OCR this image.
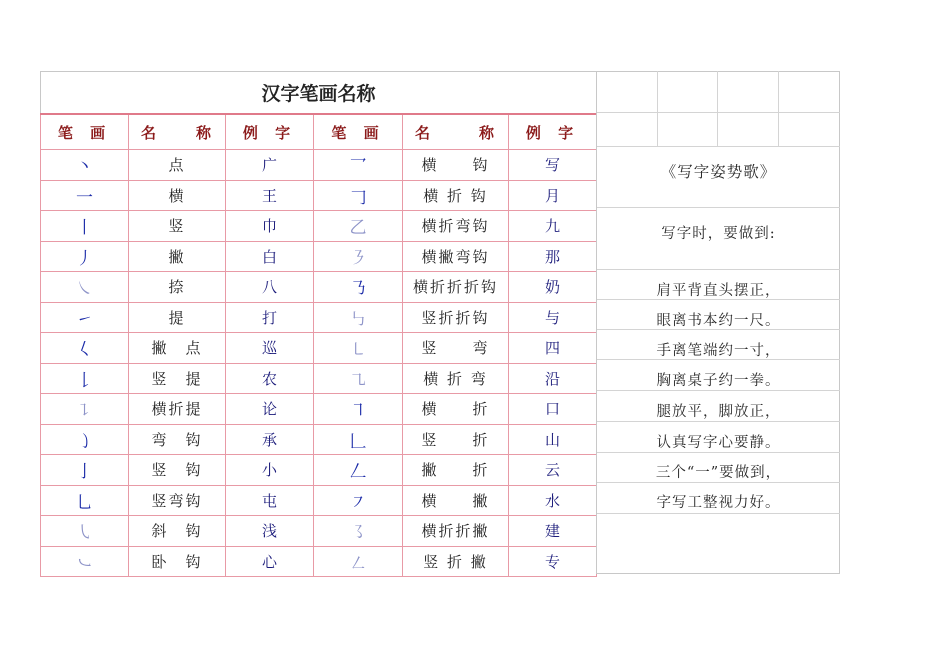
汉字笔画名称					
笔 画	名 称	例 字	笔 画	名 称	例 字
丶	点	广	乛	横　　钩	写
一	横	王	𠃌	横 折 钩	月
丨	竖	巾	乙	横折弯钩	九
丿	撇	白	㇋	横撇弯钩	那
㇏	捺	八	㇡	横折折折钩	奶
㇀	提	打	㇉	竖折折钩	与
𡿨	撇　点	巡	㇄	竖　　弯	四
𠄌	竖　提	农	㇈	横 折 弯	沿
㇊	横折提	论	㇕	横　　折	口
㇁	弯　钩	承	𠃊	竖　　折	山
亅	竖　钩	小	𠃋	撇　　折	云
乚	竖弯钩	屯	㇇	横　　撇	水
㇂	斜　钩	浅	㇌	横折折撇	建
㇃	卧　钩	心	㇜	竖 折 撇	专
《写字姿势歌》
写字时，要做到:
肩平背直头摆正，
眼离书本约一尺。
手离笔端约一寸，
胸离桌子约一拳。
腿放平，脚放正，
认真写字心要静。
三个“一”要做到，
字写工整视力好。
